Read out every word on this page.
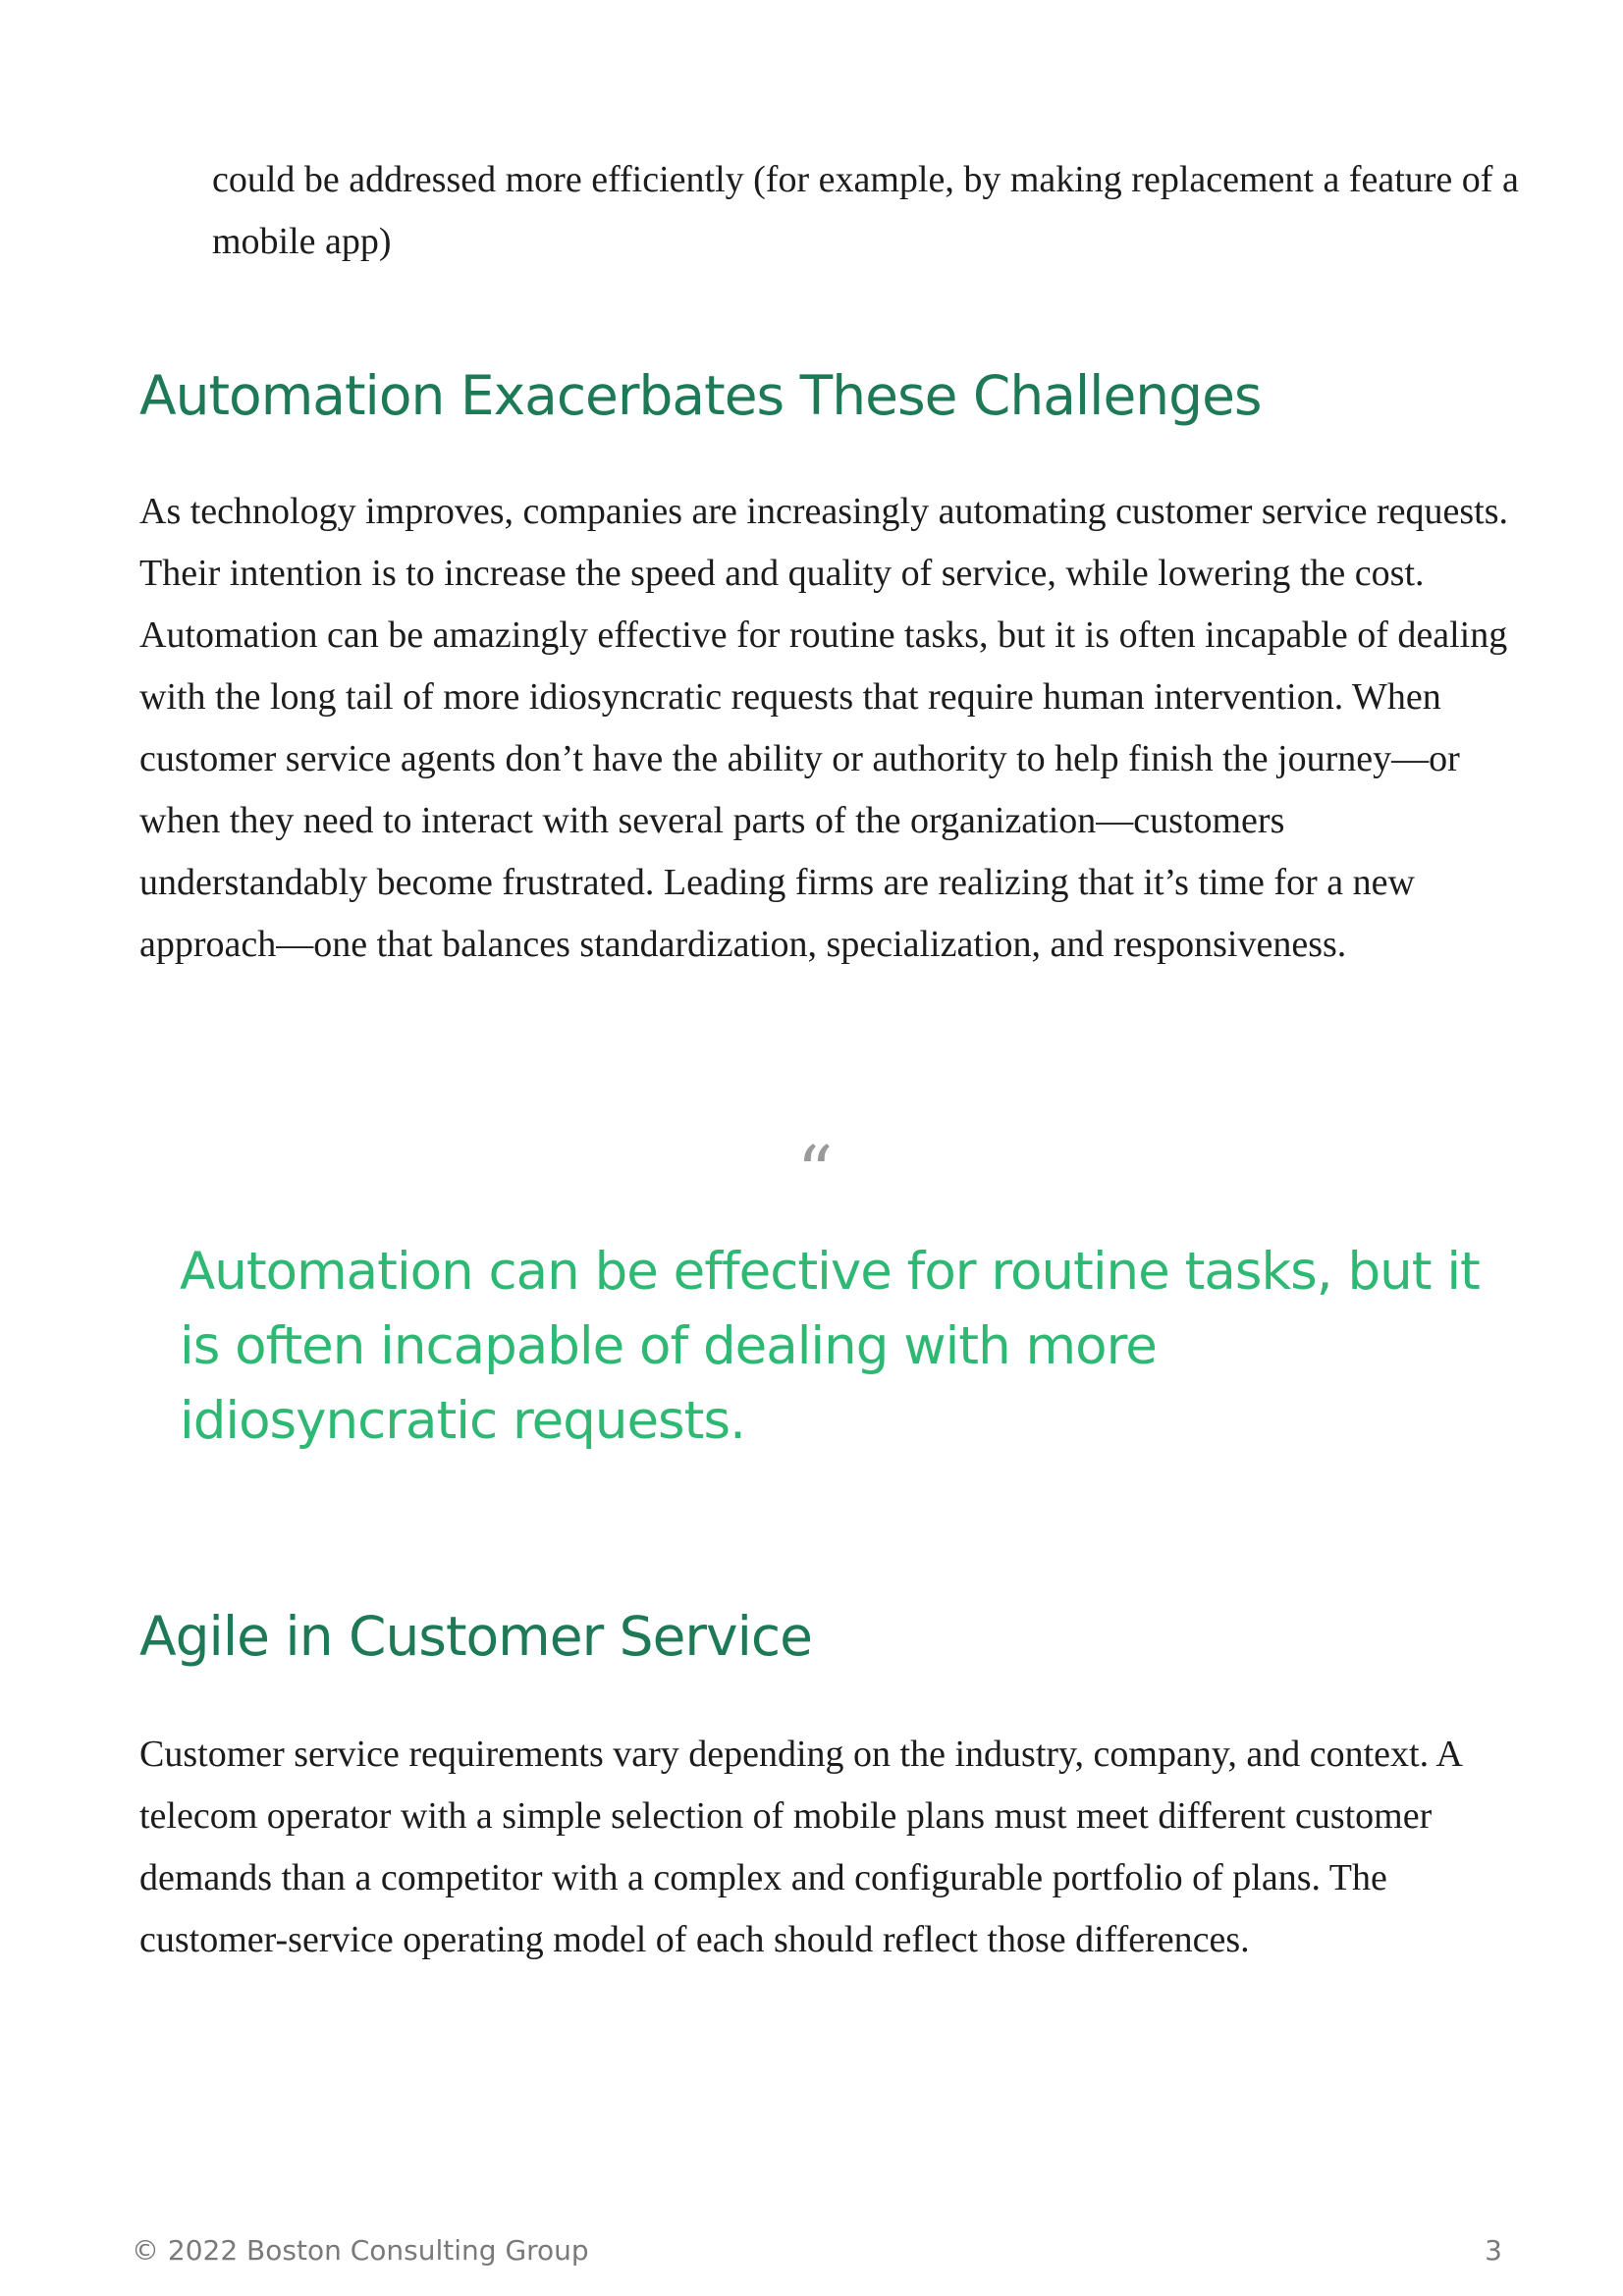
could be addressed more efficiently (for example, by making replacement a feature of a mobile app)

Automation Exacerbates These Challenges

As technology improves, companies are increasingly automating customer service requests. Their intention is to increase the speed and quality of service, while lowering the cost. Automation can be amazingly effective for routine tasks, but it is often incapable of dealing with the long tail of more idiosyncratic requests that require human intervention. When customer service agents don’t have the ability or authority to help finish the journey—or when they need to interact with several parts of the organization—customers understandably become frustrated. Leading firms are realizing that it’s time for a new approach—one that balances standardization, specialization, and responsiveness.

“
Automation can be effective for routine tasks, but it is often incapable of dealing with more idiosyncratic requests.
Agile in Customer Service

Customer service requirements vary depending on the industry, company, and context. A telecom operator with a simple selection of mobile plans must meet different customer demands than a competitor with a complex and configurable portfolio of plans. The customer-service operating model of each should reflect those differences.

© 2022 Boston Consulting Group	3
